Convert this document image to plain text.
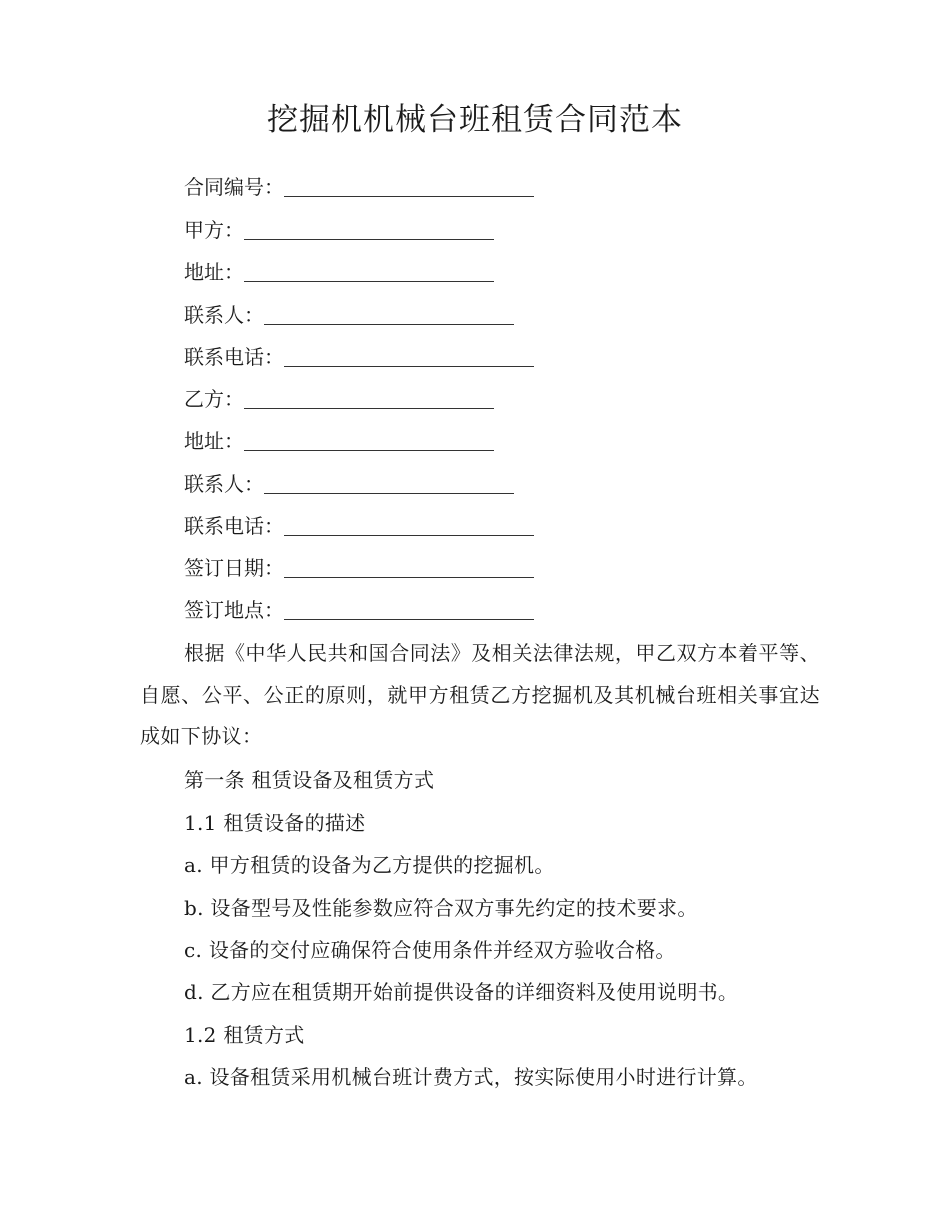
挖掘机机械台班租赁合同范本
合同编号：
甲方：
地址：
联系人：
联系电话：
乙方：
地址：
联系人：
联系电话：
签订日期：
签订地点：
根据《中华人民共和国合同法》及相关法律法规，甲乙双方本着平等、自愿、公平、公正的原则，就甲方租赁乙方挖掘机及其机械台班相关事宜达成如下协议：
第一条 租赁设备及租赁方式
1.1 租赁设备的描述
a. 甲方租赁的设备为乙方提供的挖掘机。
b. 设备型号及性能参数应符合双方事先约定的技术要求。
c. 设备的交付应确保符合使用条件并经双方验收合格。
d. 乙方应在租赁期开始前提供设备的详细资料及使用说明书。
1.2 租赁方式
a. 设备租赁采用机械台班计费方式，按实际使用小时进行计算。
